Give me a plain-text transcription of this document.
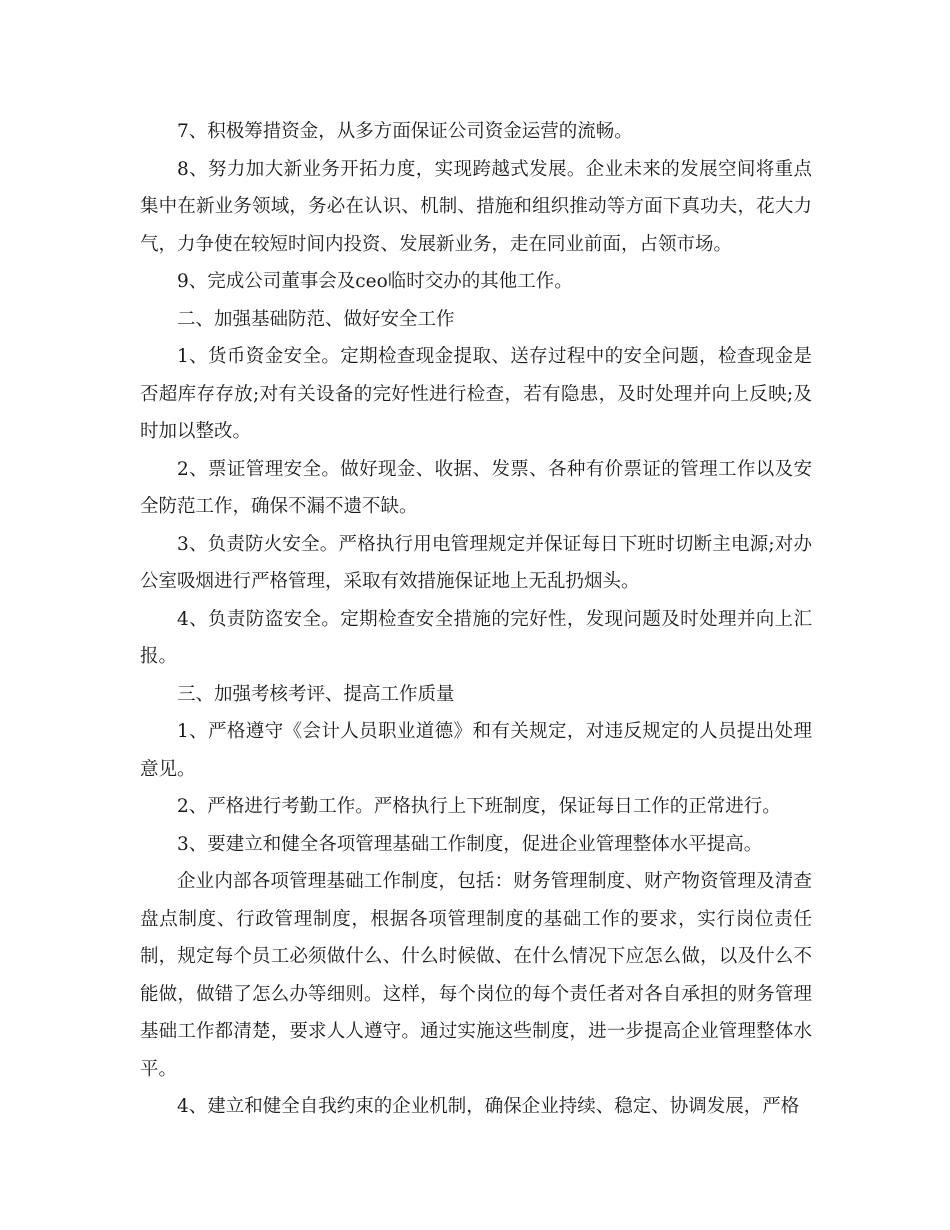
7、积极筹措资金，从多方面保证公司资金运营的流畅。

8、努力加大新业务开拓力度，实现跨越式发展。企业未来的发展空间将重点集中在新业务领域，务必在认识、机制、措施和组织推动等方面下真功夫，花大力气，力争使在较短时间内投资、发展新业务，走在同业前面，占领市场。

9、完成公司董事会及ceo临时交办的其他工作。

二、加强基础防范、做好安全工作

1、货币资金安全。定期检查现金提取、送存过程中的安全问题，检查现金是否超库存存放;对有关设备的完好性进行检查，若有隐患，及时处理并向上反映;及时加以整改。

2、票证管理安全。做好现金、收据、发票、各种有价票证的管理工作以及安全防范工作，确保不漏不遗不缺。

3、负责防火安全。严格执行用电管理规定并保证每日下班时切断主电源;对办公室吸烟进行严格管理，采取有效措施保证地上无乱扔烟头。

4、负责防盗安全。定期检查安全措施的完好性，发现问题及时处理并向上汇报。

三、加强考核考评、提高工作质量

1、严格遵守《会计人员职业道德》和有关规定，对违反规定的人员提出处理意见。

2、严格进行考勤工作。严格执行上下班制度，保证每日工作的正常进行。

3、要建立和健全各项管理基础工作制度，促进企业管理整体水平提高。

企业内部各项管理基础工作制度，包括：财务管理制度、财产物资管理及清查盘点制度、行政管理制度，根据各项管理制度的基础工作的要求，实行岗位责任制，规定每个员工必须做什么、什么时候做、在什么情况下应怎么做，以及什么不能做，做错了怎么办等细则。这样，每个岗位的每个责任者对各自承担的财务管理基础工作都清楚，要求人人遵守。通过实施这些制度，进一步提高企业管理整体水平。

4、建立和健全自我约束的企业机制，确保企业持续、稳定、协调发展，严格
